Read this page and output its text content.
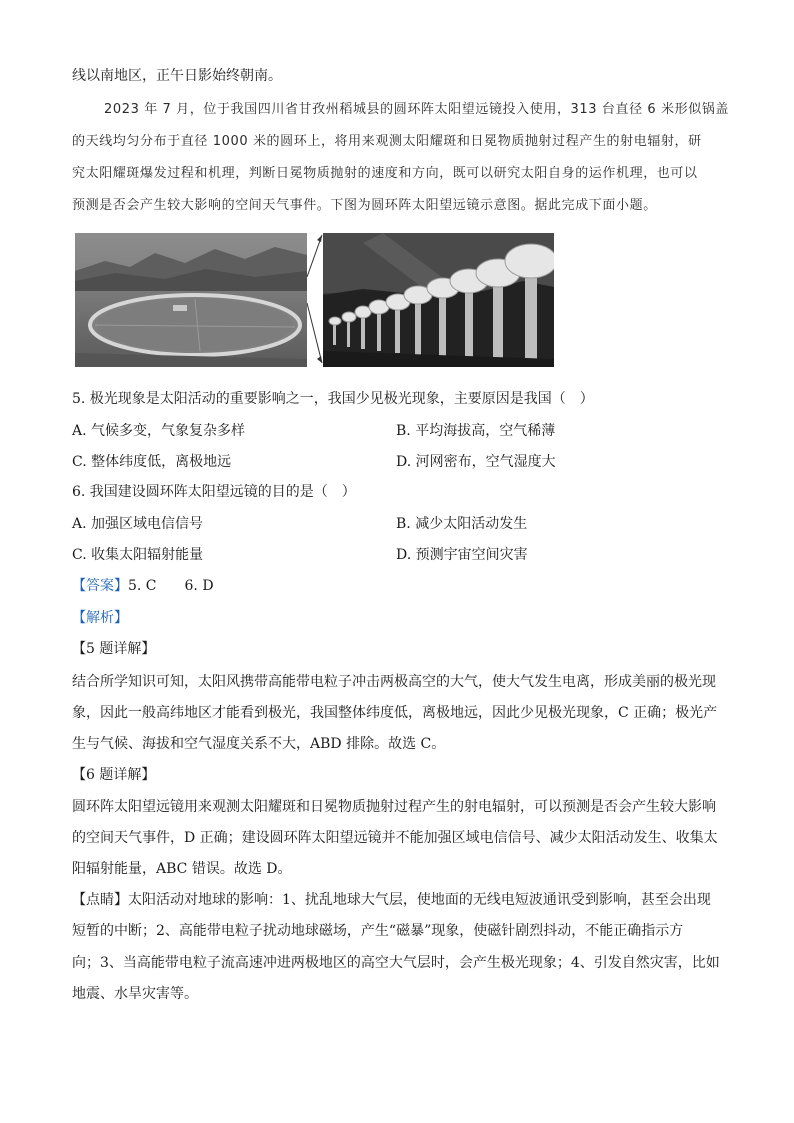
线以南地区，正午日影始终朝南。
2023 年 7 月，位于我国四川省甘孜州稻城县的圆环阵太阳望远镜投入使用，313 台直径 6 米形似锅盖
的天线均匀分布于直径 1000 米的圆环上，将用来观测太阳耀斑和日冕物质抛射过程产生的射电辐射，研
究太阳耀斑爆发过程和机理，判断日冕物质抛射的速度和方向，既可以研究太阳自身的运作机理，也可以
预测是否会产生较大影响的空间天气事件。下图为圆环阵太阳望远镜示意图。据此完成下面小题。
5. 极光现象是太阳活动的重要影响之一，我国少见极光现象，主要原因是我国（　）
A. 气候多变，气象复杂多样	B. 平均海拔高，空气稀薄
C. 整体纬度低，离极地远	D. 河网密布，空气湿度大
6. 我国建设圆环阵太阳望远镜的目的是（　）
A. 加强区域电信信号	B. 减少太阳活动发生
C. 收集太阳辐射能量	D. 预测宇宙空间灾害
【答案】5. C　　6. D
【解析】
【5 题详解】
结合所学知识可知，太阳风携带高能带电粒子冲击两极高空的大气，使大气发生电离，形成美丽的极光现
象，因此一般高纬地区才能看到极光，我国整体纬度低，离极地远，因此少见极光现象，C 正确；极光产
生与气候、海拔和空气湿度关系不大，ABD 排除。故选 C。
【6 题详解】
圆环阵太阳望远镜用来观测太阳耀斑和日冕物质抛射过程产生的射电辐射，可以预测是否会产生较大影响
的空间天气事件，D 正确；建设圆环阵太阳望远镜并不能加强区域电信信号、减少太阳活动发生、收集太
阳辐射能量，ABC 错误。故选 D。
【点睛】太阳活动对地球的影响：1、扰乱地球大气层，使地面的无线电短波通讯受到影响，甚至会出现
短暂的中断；2、高能带电粒子扰动地球磁场，产生“磁暴”现象，使磁针剧烈抖动，不能正确指示方
向；3、当高能带电粒子流高速冲进两极地区的高空大气层时，会产生极光现象；4、引发自然灾害，比如
地震、水旱灾害等。
